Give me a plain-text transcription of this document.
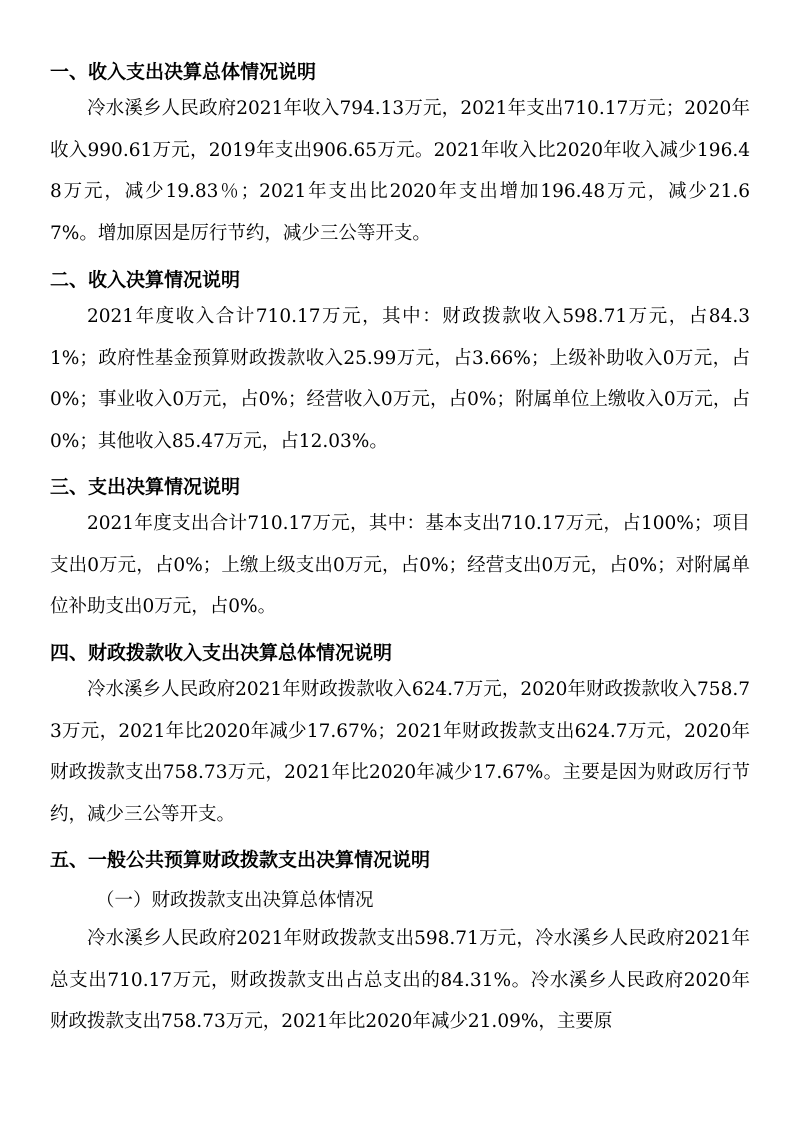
一、收入支出决算总体情况说明

冷水溪乡人民政府2021年收入794.13万元，2021年支出710.17万元；2020年收入990.61万元，2019年支出906.65万元。2021年收入比2020年收入减少196.48万元，减少19.83％；2021年支出比2020年支出增加196.48万元，减少21.67%。增加原因是厉行节约，减少三公等开支。

二、收入决算情况说明

2021年度收入合计710.17万元，其中：财政拨款收入598.71万元，占84.31%；政府性基金预算财政拨款收入25.99万元，占3.66%；上级补助收入0万元，占0%；事业收入0万元，占0%；经营收入0万元，占0%；附属单位上缴收入0万元，占0%；其他收入85.47万元，占12.03%。

三、支出决算情况说明

2021年度支出合计710.17万元，其中：基本支出710.17万元，占100%；项目支出0万元，占0%；上缴上级支出0万元，占0%；经营支出0万元，占0%；对附属单位补助支出0万元，占0%。

四、财政拨款收入支出决算总体情况说明

冷水溪乡人民政府2021年财政拨款收入624.7万元，2020年财政拨款收入758.73万元，2021年比2020年减少17.67%；2021年财政拨款支出624.7万元，2020年财政拨款支出758.73万元，2021年比2020年减少17.67%。主要是因为财政厉行节约，减少三公等开支。

五、一般公共预算财政拨款支出决算情况说明

（一）财政拨款支出决算总体情况

冷水溪乡人民政府2021年财政拨款支出598.71万元，冷水溪乡人民政府2021年总支出710.17万元，财政拨款支出占总支出的84.31%。冷水溪乡人民政府2020年财政拨款支出758.73万元，2021年比2020年减少21.09%，主要原
